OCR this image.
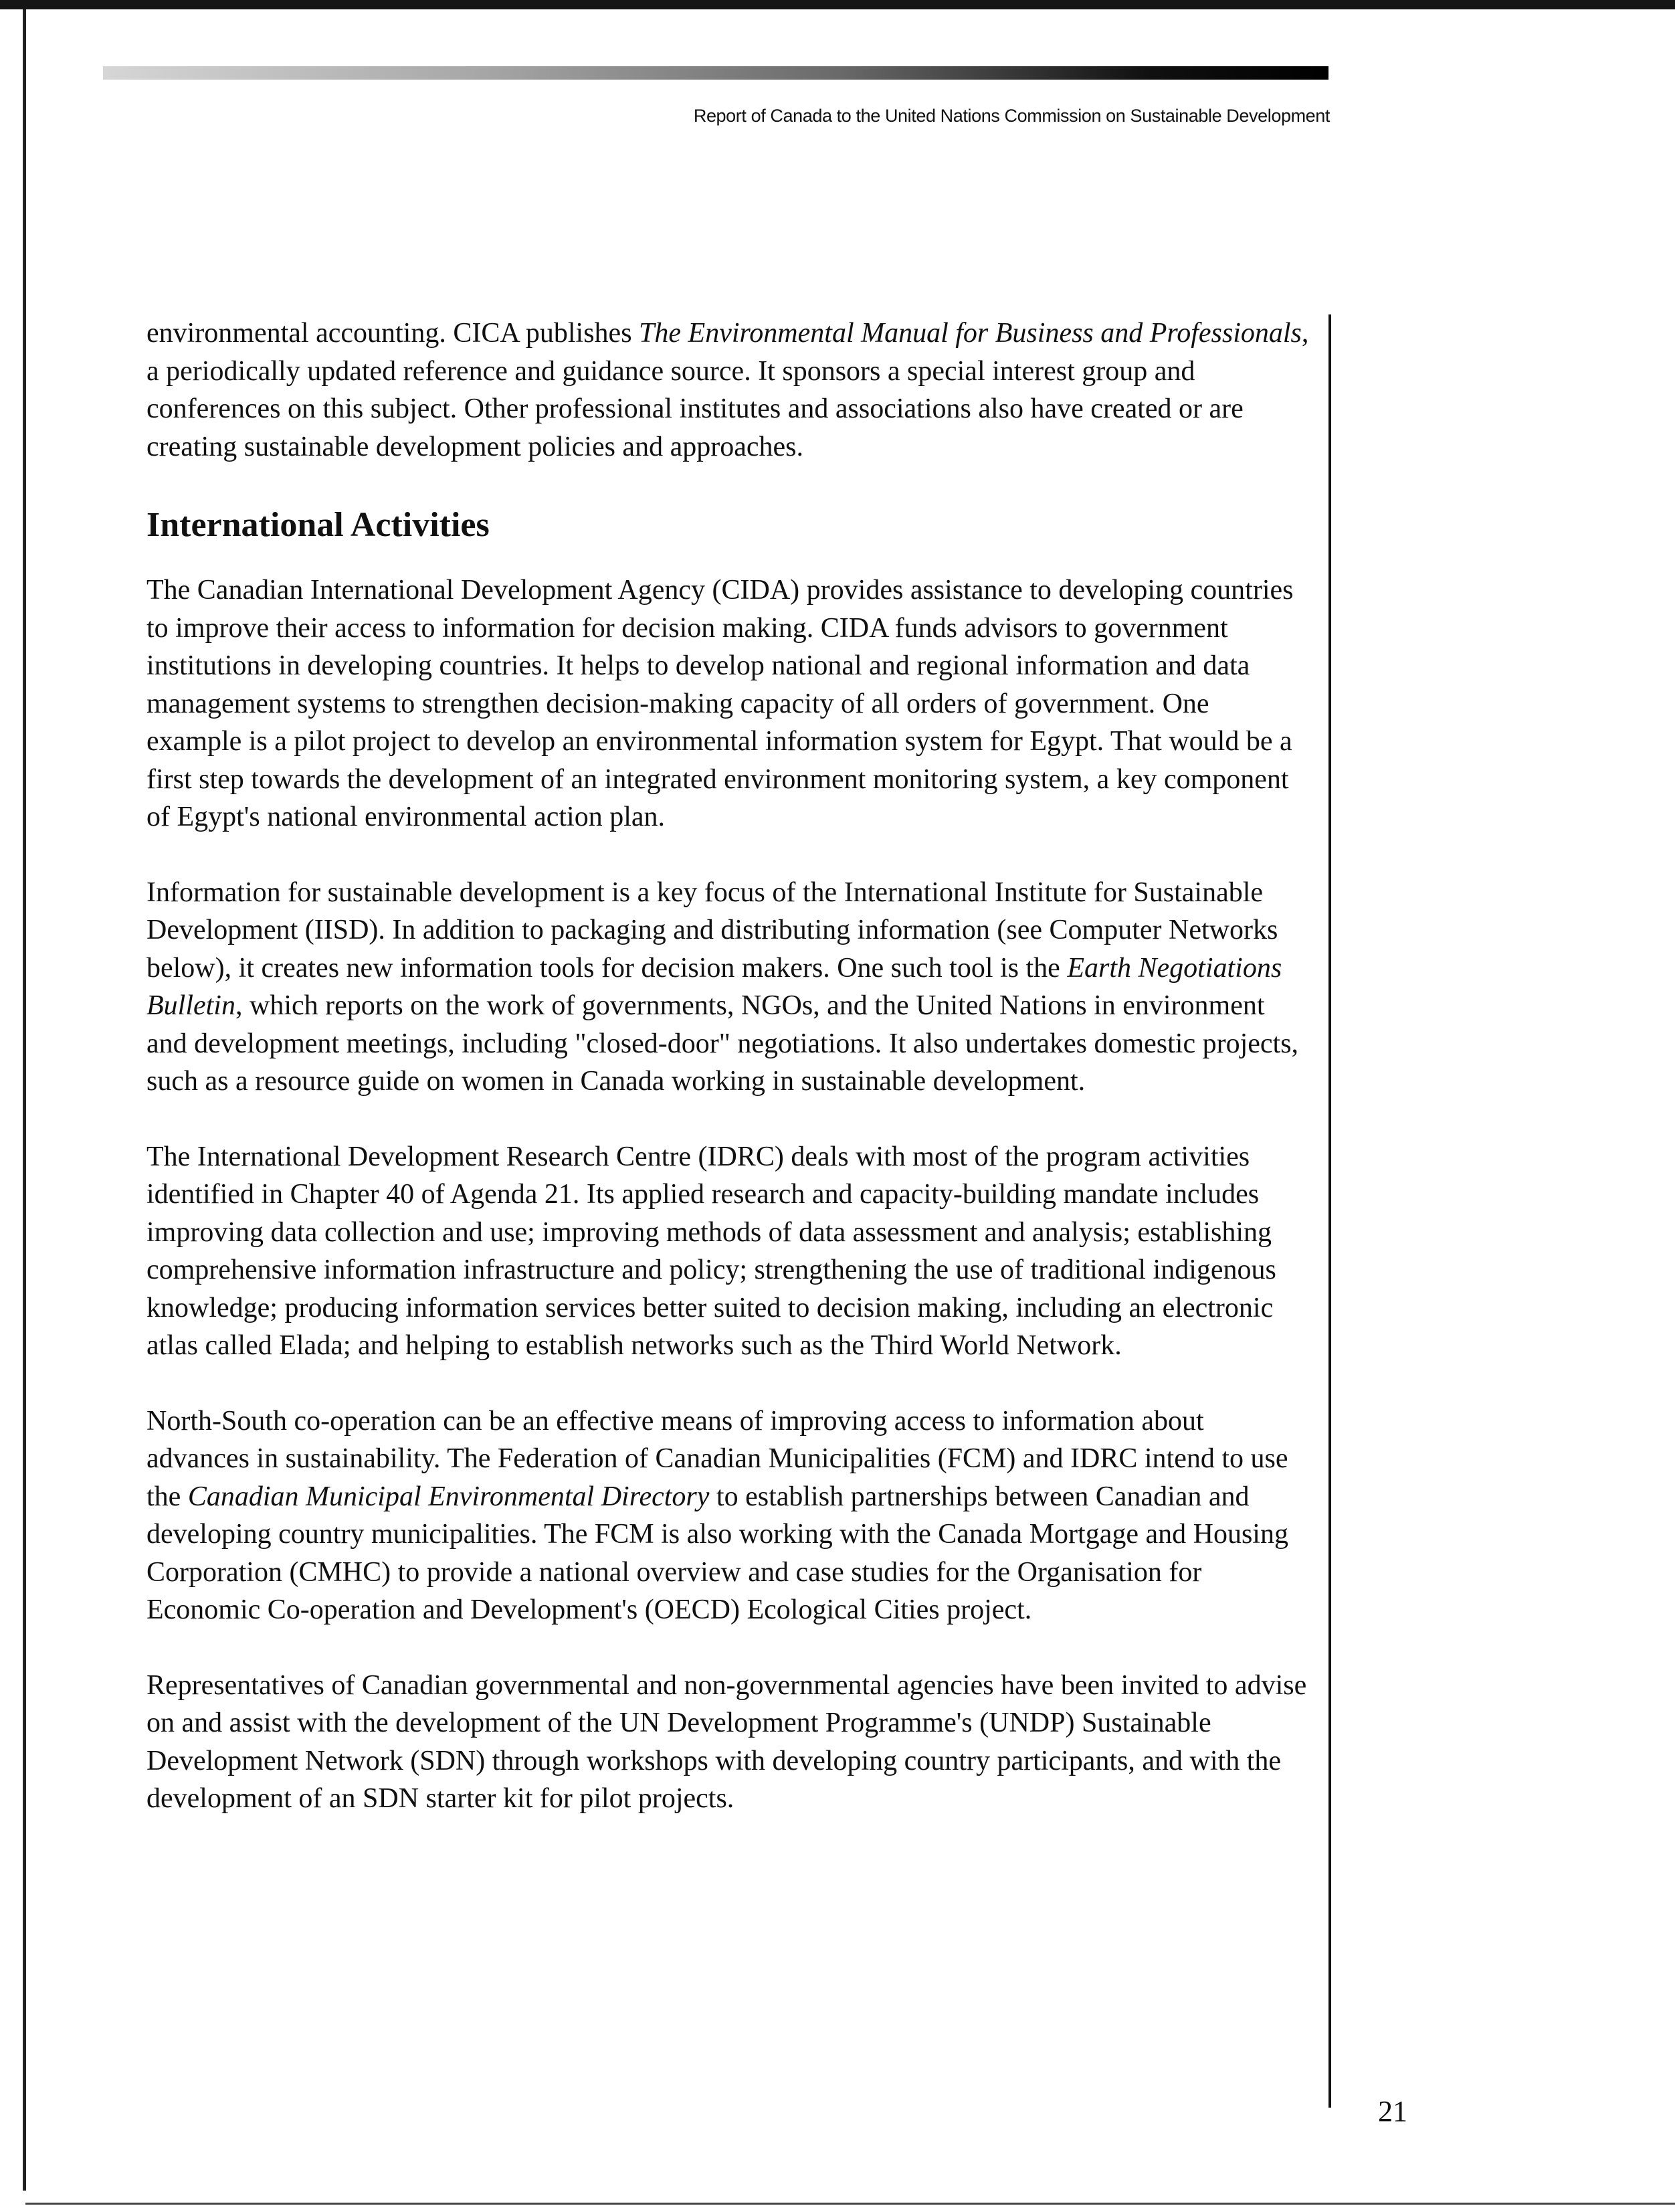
Report of Canada to the United Nations Commission on Sustainable Development

environmental accounting. CICA publishes The Environmental Manual for Business and Professionals, a periodically updated reference and guidance source. It sponsors a special interest group and conferences on this subject. Other professional institutes and associations also have created or are creating sustainable development policies and approaches.

International Activities

The Canadian International Development Agency (CIDA) provides assistance to developing countries to improve their access to information for decision making. CIDA funds advisors to government institutions in developing countries. It helps to develop national and regional information and data management systems to strengthen decision-making capacity of all orders of government. One example is a pilot project to develop an environmental information system for Egypt. That would be a first step towards the development of an integrated environment monitoring system, a key component of Egypt's national environmental action plan.

Information for sustainable development is a key focus of the International Institute for Sustainable Development (IISD). In addition to packaging and distributing information (see Computer Networks below), it creates new information tools for decision makers. One such tool is the Earth Negotiations Bulletin, which reports on the work of governments, NGOs, and the United Nations in environment and development meetings, including "closed-door" negotiations. It also undertakes domestic projects, such as a resource guide on women in Canada working in sustainable development.

The International Development Research Centre (IDRC) deals with most of the program activities identified in Chapter 40 of Agenda 21. Its applied research and capacity-building mandate includes improving data collection and use; improving methods of data assessment and analysis; establishing comprehensive information infrastructure and policy; strengthening the use of traditional indigenous knowledge; producing information services better suited to decision making, including an electronic atlas called Elada; and helping to establish networks such as the Third World Network.

North-South co-operation can be an effective means of improving access to information about advances in sustainability. The Federation of Canadian Municipalities (FCM) and IDRC intend to use the Canadian Municipal Environmental Directory to establish partnerships between Canadian and developing country municipalities. The FCM is also working with the Canada Mortgage and Housing Corporation (CMHC) to provide a national overview and case studies for the Organisation for Economic Co-operation and Development's (OECD) Ecological Cities project.

Representatives of Canadian governmental and non-governmental agencies have been invited to advise on and assist with the development of the UN Development Programme's (UNDP) Sustainable Development Network (SDN) through workshops with developing country participants, and with the development of an SDN starter kit for pilot projects.

21
